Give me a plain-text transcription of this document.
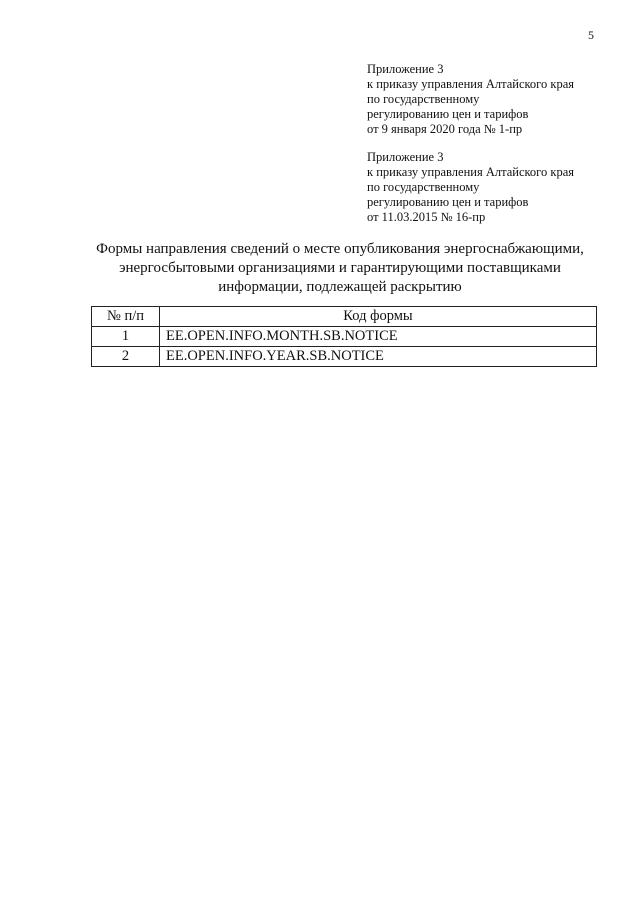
5
Приложение 3
к приказу управления Алтайского края
по государственному
регулированию цен и тарифов
от 9 января 2020 года № 1-пр
Приложение 3
к приказу управления Алтайского края
по государственному
регулированию цен и тарифов
от 11.03.2015 № 16-пр
Формы направления сведений о месте опубликования энергоснабжающими,
энергосбытовыми организациями и гарантирующими поставщиками
информации, подлежащей раскрытию
№ п/п	Код формы
1	EE.OPEN.INFO.MONTH.SB.NOTICE
2	EE.OPEN.INFO.YEAR.SB.NOTICE
